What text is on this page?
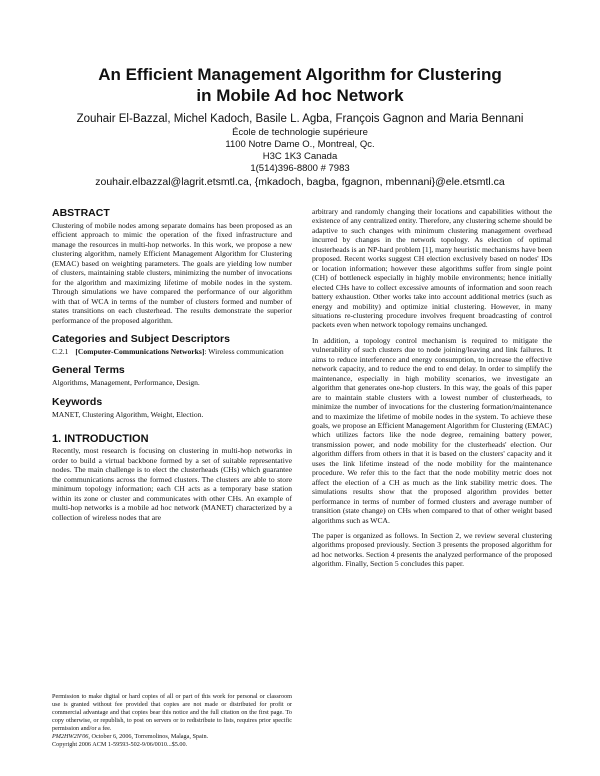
An Efficient Management Algorithm for Clustering
in Mobile Ad hoc Network
Zouhair El-Bazzal, Michel Kadoch, Basile L. Agba, François Gagnon and Maria Bennani
École de technologie supérieure
1100 Notre Dame O., Montreal, Qc.
H3C 1K3 Canada
1(514)396-8800 # 7983
zouhair.elbazzal@lagrit.etsmtl.ca, {mkadoch, bagba, fgagnon, mbennani}@ele.etsmtl.ca
ABSTRACT

Clustering of mobile nodes among separate domains has been proposed as an efficient approach to mimic the operation of the fixed infrastructure and manage the resources in multi-hop networks. In this work, we propose a new clustering algorithm, namely Efficient Management Algorithm for Clustering (EMAC) based on weighting parameters. The goals are yielding low number of clusters, maintaining stable clusters, minimizing the number of invocations for the algorithm and maximizing lifetime of mobile nodes in the system. Through simulations we have compared the performance of our algorithm with that of WCA in terms of the number of clusters formed and number of states transitions on each clusterhead. The results demonstrate the superior performance of the proposed algorithm.

Categories and Subject Descriptors

C.2.1 [Computer-Communications Networks]: Wireless communication

General Terms

Algorithms, Management, Performance, Design.

Keywords

MANET, Clustering Algorithm, Weight, Election.

1. INTRODUCTION

Recently, most research is focusing on clustering in multi-hop networks in order to build a virtual backbone formed by a set of suitable representative nodes. The main challenge is to elect the clusterheads (CHs) which guarantee the communications across the formed clusters. The clusters are able to store minimum topology information; each CH acts as a temporary base station within its zone or cluster and communicates with other CHs. An example of multi-hop networks is a mobile ad hoc network (MANET) characterized by a collection of wireless nodes that are

Permission to make digital or hard copies of all or part of this work for personal or classroom use is granted without fee provided that copies are not made or distributed for profit or commercial advantage and that copies bear this notice and the full citation on the first page. To copy otherwise, or republish, to post on servers or to redistribute to lists, requires prior specific permission and/or a fee.
PM2HW2N'06, October 6, 2006, Torremolinos, Malaga, Spain.
Copyright 2006 ACM 1-59593-502-9/06/0010...$5.00.

arbitrary and randomly changing their locations and capabilities without the existence of any centralized entity. Therefore, any clustering scheme should be adaptive to such changes with minimum clustering management overhead incurred by changes in the network topology. As election of optimal clusterheads is an NP-hard problem [1], many heuristic mechanisms have been proposed. Recent works suggest CH election exclusively based on nodes' IDs or location information; however these algorithms suffer from single point (CH) of bottleneck especially in highly mobile environments; hence initially elected CHs have to collect excessive amounts of information and soon reach battery exhaustion. Other works take into account additional metrics (such as energy and mobility) and optimize initial clustering. However, in many situations re-clustering procedure involves frequent broadcasting of control packets even when network topology remains unchanged.

In addition, a topology control mechanism is required to mitigate the vulnerability of such clusters due to node joining/leaving and link failures. It aims to reduce interference and energy consumption, to increase the effective network capacity, and to reduce the end to end delay. In order to simplify the maintenance, especially in high mobility scenarios, we investigate an algorithm that generates one-hop clusters. In this way, the goals of this paper are to maintain stable clusters with a lowest number of clusterheads, to minimize the number of invocations for the clustering formation/maintenance and to maximize the lifetime of mobile nodes in the system. To achieve these goals, we propose an Efficient Management Algorithm for Clustering (EMAC) which utilizes factors like the node degree, remaining battery power, transmission power, and node mobility for the clusterheads' election. Our algorithm differs from others in that it is based on the clusters' capacity and it uses the link lifetime instead of the node mobility for the maintenance procedure. We refer this to the fact that the node mobility metric does not affect the election of a CH as much as the link stability metric does. The simulations results show that the proposed algorithm provides better performance in terms of number of formed clusters and average number of transition (state change) on CHs when compared to that of other weight based algorithms such as WCA.

The paper is organized as follows. In Section 2, we review several clustering algorithms proposed previously. Section 3 presents the proposed algorithm for ad hoc networks. Section 4 presents the analyzed performance of the proposed algorithm. Finally, Section 5 concludes this paper.
